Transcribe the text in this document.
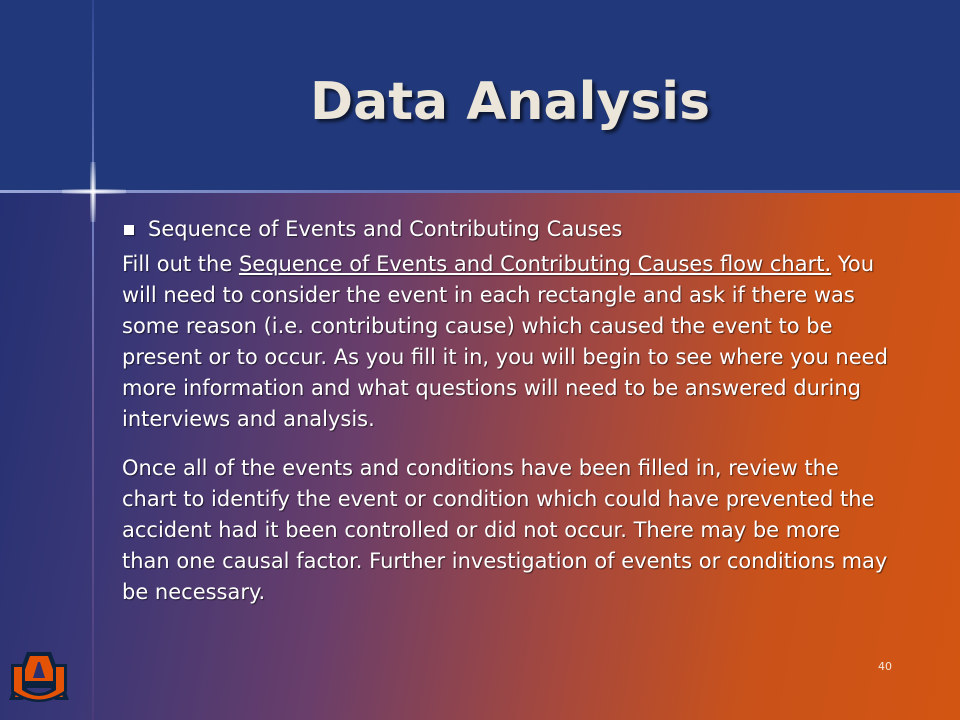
Data Analysis
Sequence of Events and Contributing Causes

Fill out the Sequence of Events and Contributing Causes flow chart. You will need to consider the event in each rectangle and ask if there was some reason (i.e. contributing cause) which caused the event to be present or to occur. As you fill it in, you will begin to see where you need more information and what questions will need to be answered during interviews and analysis.

Once all of the events and conditions have been filled in, review the chart to identify the event or condition which could have prevented the accident had it been controlled or did not occur. There may be more than one causal factor. Further investigation of events or conditions may be necessary.

AU
40
